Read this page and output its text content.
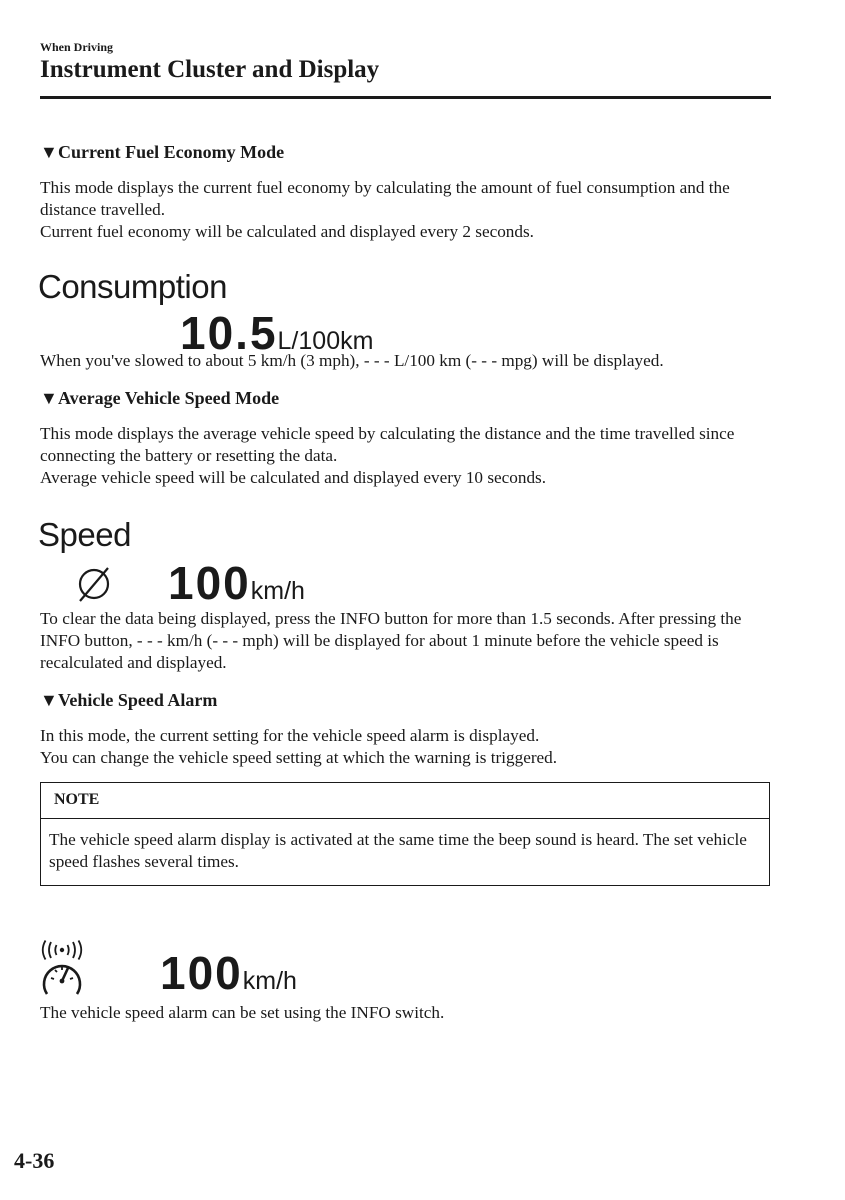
When Driving
Instrument Cluster and Display
▼Current Fuel Economy Mode

This mode displays the current fuel economy by calculating the amount of fuel consumption and the distance travelled.

Current fuel economy will be calculated and displayed every 2 seconds.

Consumption
10.5L/100km
When you've slowed to about 5 km/h (3 mph), - - - L/100 km (- - - mpg) will be displayed.
▼Average Vehicle Speed Mode

This mode displays the average vehicle speed by calculating the distance and the time travelled since connecting the battery or resetting the data.

Average vehicle speed will be calculated and displayed every 10 seconds.

Speed
100km/h
To clear the data being displayed, press the INFO button for more than 1.5 seconds. After pressing the INFO button, - - - km/h (- - - mph) will be displayed for about 1 minute before the vehicle speed is recalculated and displayed.
▼Vehicle Speed Alarm

In this mode, the current setting for the vehicle speed alarm is displayed.

You can change the vehicle speed setting at which the warning is triggered.

NOTE
The vehicle speed alarm display is activated at the same time the beep sound is heard. The set vehicle speed flashes several times.
100km/h
The vehicle speed alarm can be set using the INFO switch.
4-36
